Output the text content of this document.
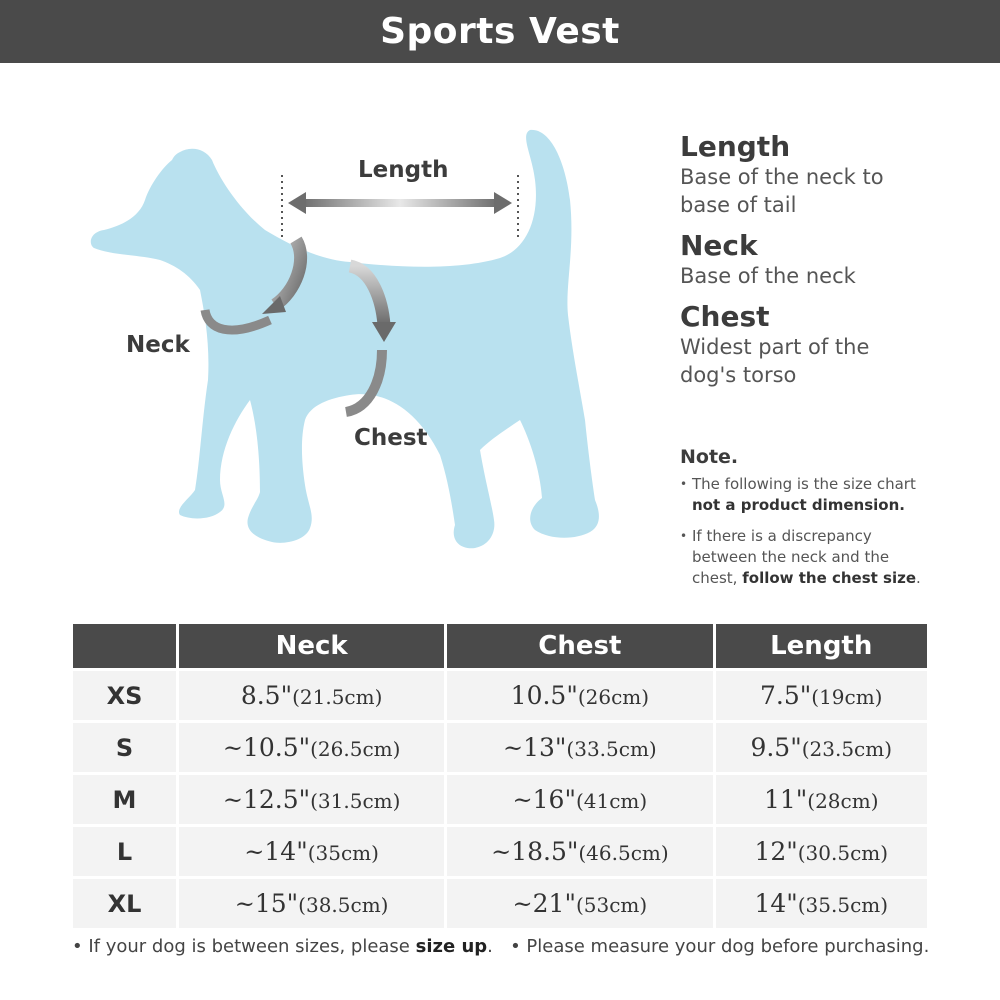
Sports Vest
Length
Neck
Chest
Length
Base of the neck to
base of tail
Neck
Base of the neck
Chest
Widest part of the
dog's torso
Note.
• The following is the size chart
not a product dimension.
• If there is a discrepancy
between the neck and the
chest, follow the chest size.
	Neck	Chest	Length
XS	8.5"(21.5cm)	10.5"(26cm)	7.5"(19cm)
S	~10.5"(26.5cm)	~13"(33.5cm)	9.5"(23.5cm)
M	~12.5"(31.5cm)	~16"(41cm)	11"(28cm)
L	~14"(35cm)	~18.5"(46.5cm)	12"(30.5cm)
XL	~15"(38.5cm)	~21"(53cm)	14"(35.5cm)
• If your dog is between sizes, please size up. • Please measure your dog before purchasing.
